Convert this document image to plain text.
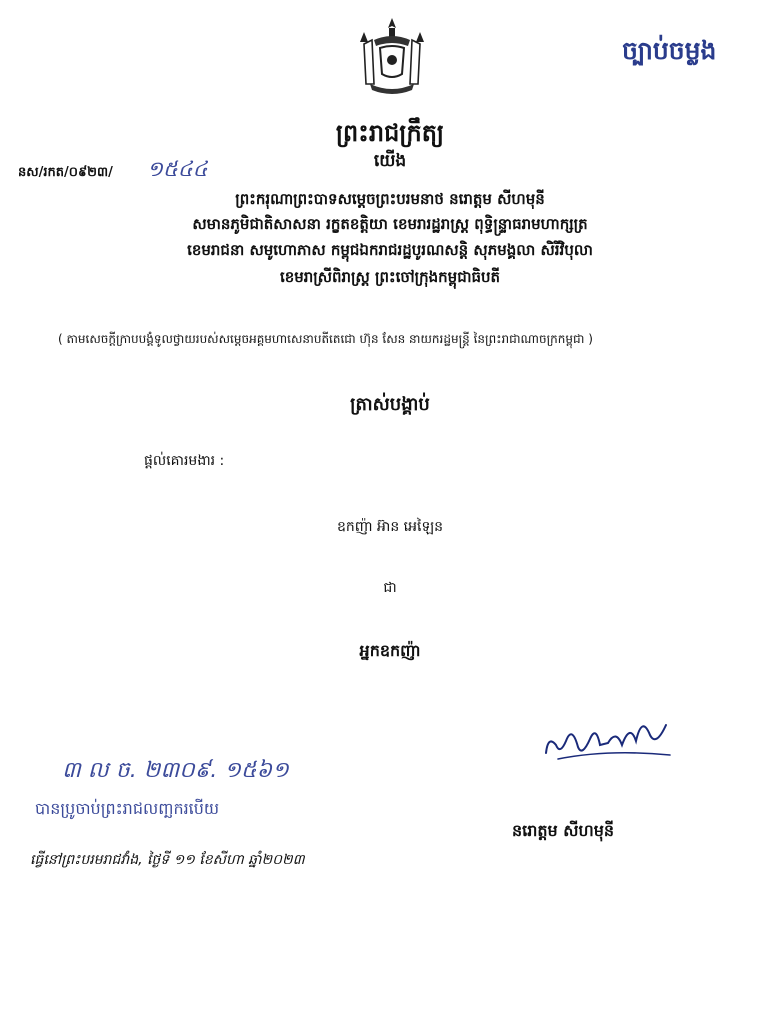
ច្បាប់ចម្លង
ព្រះរាជក្រឹត្យ
នស/រកត/០៩២៣/ ១៥៤៤	យើង
ព្រះករុណាព្រះបាទសម្តេចព្រះបរមនាថ នរោត្តម សីហមុនី
សមានភូមិជាតិសាសនា រក្ខតខត្តិយា ខេមរារដ្ឋរាស្ត្រ ពុទ្ធិន្ទ្រាធរាមហាក្សត្រ
ខេមរាជនា សមូហោភាស កម្ពុជឯករាជរដ្ឋបូរណសន្តិ សុភមង្គលា សិរីវិបុលា
ខេមរាស្រីពិរាស្ត្រ ព្រះចៅក្រុងកម្ពុជាធិបតី
( តាមសេចក្តីក្រាបបង្គំទូលថ្វាយរបស់សម្តេចអគ្គមហាសេនាបតីតេជោ ហ៊ុន សែន នាយករដ្ឋមន្ត្រី នៃព្រះរាជាណាចក្រកម្ពុជា )
ត្រាស់បង្គាប់
ផ្តល់គោរមងារ :
ឧកញ៉ា អ៊ាន អេឡៃន
ជា
អ្នកឧកញ៉ា
៣ ល ច. ២៣០៩. ១៥៦១
បានប្រូចាប់ព្រះរាជលញ្ឆករបើយ
នរោត្តម សីហមុនី
ធ្វើនៅព្រះបរមរាជវាំង, ថ្ងៃទី ១១ ខែសីហា ឆ្នាំ២០២៣
